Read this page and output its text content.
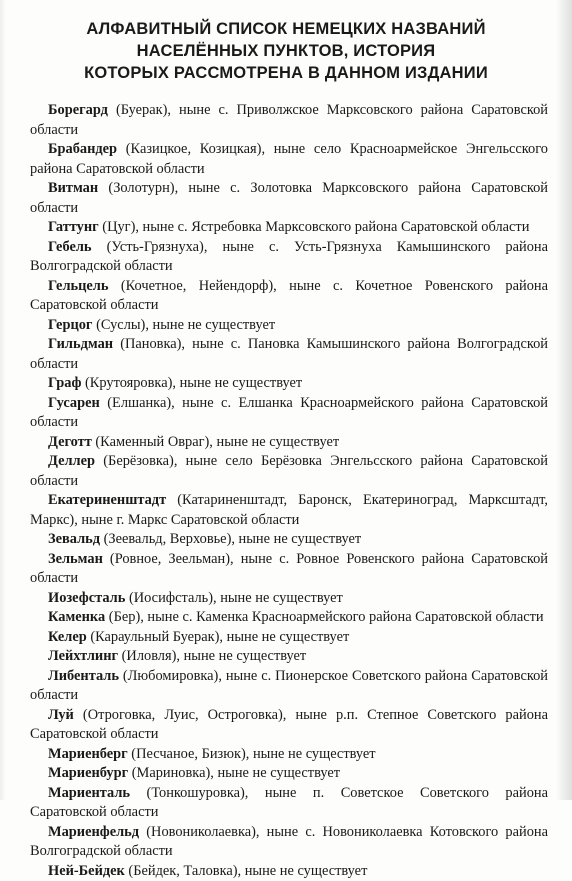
АЛФАВИТНЫЙ СПИСОК НЕМЕЦКИХ НАЗВАНИЙ
НАСЕЛЁННЫХ ПУНКТОВ, ИСТОРИЯ
КОТОРЫХ РАССМОТРЕНА В ДАННОМ ИЗДАНИИ
Борегард (Буерак), ныне с. Приволжское Марксовского района Саратовской области
Брабандер (Казицкое, Козицкая), ныне село Красноармейское Энгельсского района Саратовской области
Витман (Золотурн), ныне с. Золотовка Марксовского района Саратовской области
Гаттунг (Цуг), ныне с. Ястребовка Марксовского района Саратовской области
Гебель (Усть-Грязнуха), ныне с. Усть-Грязнуха Камышинского района Волгоградской области
Гельцель (Кочетное, Нейендорф), ныне с. Кочетное Ровенского района Саратовской области
Герцог (Суслы), ныне не существует
Гильдман (Пановка), ныне с. Пановка Камышинского района Волгоградской области
Граф (Крутояровка), ныне не существует
Гусарен (Елшанка), ныне с. Елшанка Красноармейского района Саратовской области
Деготт (Каменный Овраг), ныне не существует
Деллер (Берёзовка), ныне село Берёзовка Энгельсского района Саратовской области
Екатериненштадт (Катариненштадт, Баронск, Екатериноград, Марксштадт, Маркс), ныне г. Маркс Саратовской области
Зевальд (Зеевальд, Верховье), ныне не существует
Зельман (Ровное, Зеельман), ныне с. Ровное Ровенского района Саратовской области
Иозефсталь (Иосифсталь), ныне не существует
Каменка (Бер), ныне с. Каменка Красноармейского района Саратовской области
Келер (Караульный Буерак), ныне не существует
Лейхтлинг (Иловля), ныне не существует
Либенталь (Любомировка), ныне с. Пионерское Советского района Саратовской области
Луй (Отроговка, Луис, Остроговка), ныне р.п. Степное Советского района Саратовской области
Мариенберг (Песчаное, Бизюк), ныне не существует
Мариенбург (Мариновка), ныне не существует
Мариенталь (Тонкошуровка), ныне п. Советское Советского района Саратовской области
Мариенфельд (Новониколаевка), ныне с. Новониколаевка Котовского района Волгоградской области
Ней-Бейдек (Бейдек, Таловка), ныне не существует
